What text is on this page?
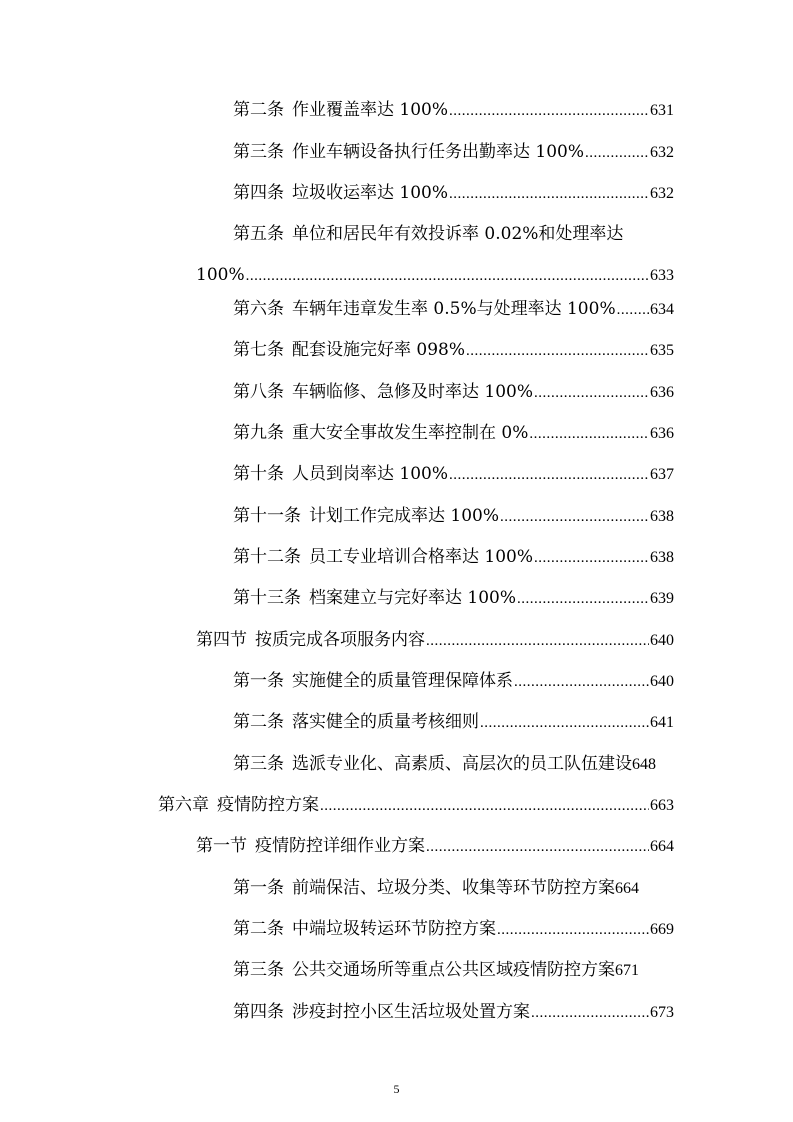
第二条 作业覆盖率达 100% .....	631
第三条 作业车辆设备执行任务出勤率达 100% .....	632
第四条 垃圾收运率达 100% .....	632
第五条 单位和居民年有效投诉率 0.02%和处理率达
100% .....	633
第六条 车辆年违章发生率 0.5%与处理率达 100% ..... 634
第七条 配套设施完好率 098% .....	635
第八条 车辆临修、急修及时率达 100% .....	636
第九条 重大安全事故发生率控制在 0% .....	636
第十条 人员到岗率达 100% .....	637
第十一条 计划工作完成率达 100% .....	638
第十二条 员工专业培训合格率达 100% .....	638
第十三条 档案建立与完好率达 100% .....	639
第四节 按质完成各项服务内容 .....	640
第一条 实施健全的质量管理保障体系 .....	640
第二条 落实健全的质量考核细则 .....	641
第三条 选派专业化、高素质、高层次的员工队伍建设 648
第六章 疫情防控方案 .....	663
第一节 疫情防控详细作业方案 .....	664
第一条 前端保洁、垃圾分类、收集等环节防控方案 664
第二条 中端垃圾转运环节防控方案 .....	669
第三条 公共交通场所等重点公共区域疫情防控方案 671
第四条 涉疫封控小区生活垃圾处置方案 .....	673
5
